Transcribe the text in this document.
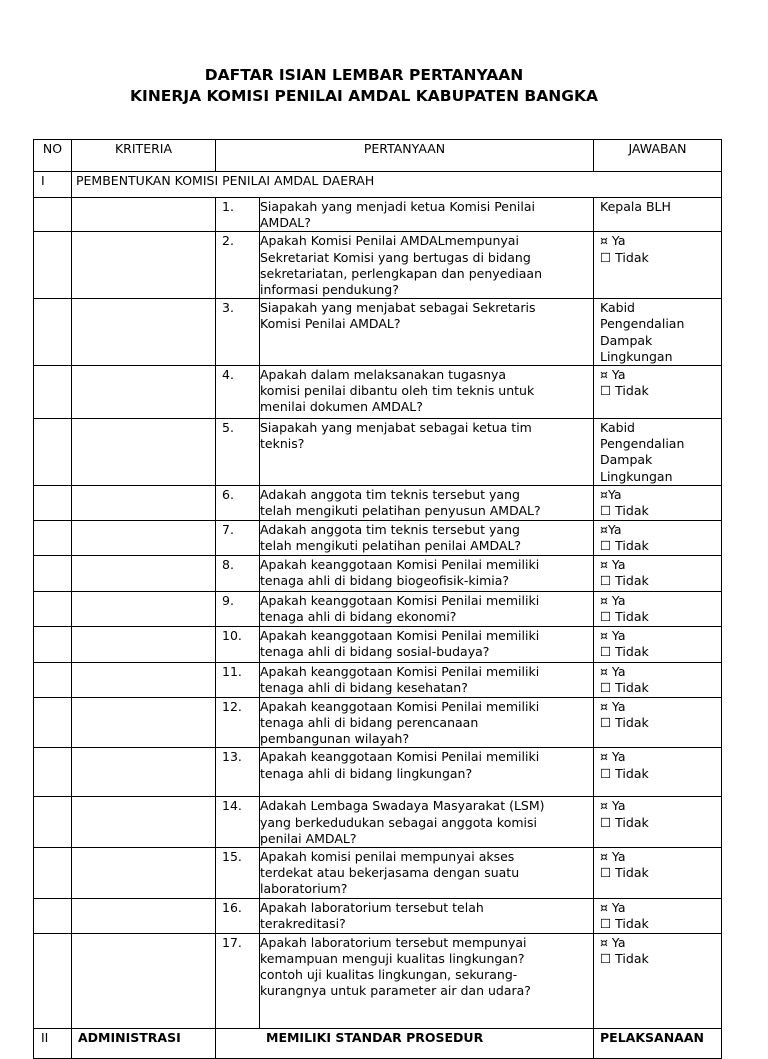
DAFTAR ISIAN LEMBAR PERTANYAAN
KINERJA KOMISI PENILAI AMDAL KABUPATEN BANGKA
NO	KRITERIA	PERTANYAAN		JAWABAN
I	PEMBENTUKAN KOMISI PENILAI AMDAL DAERAH			
		1.	Siapakah yang menjadi ketua Komisi Penilai
AMDAL?	Kepala BLH
		2.	Apakah Komisi Penilai AMDALmempunyai
Sekretariat Komisi yang bertugas di bidang
sekretariatan, perlengkapan dan penyediaan
informasi pendukung?	¤ Ya
☐ Tidak
		3.	Siapakah yang menjabat sebagai Sekretaris
Komisi Penilai AMDAL?	Kabid
Pengendalian
Dampak
Lingkungan
		4.	Apakah dalam melaksanakan tugasnya
komisi penilai dibantu oleh tim teknis untuk
menilai dokumen AMDAL?	¤ Ya
☐ Tidak
		5.	Siapakah yang menjabat sebagai ketua tim
teknis?	Kabid
Pengendalian
Dampak
Lingkungan
		6.	Adakah anggota tim teknis tersebut yang
telah mengikuti pelatihan penyusun AMDAL?	¤Ya
☐ Tidak
		7.	Adakah anggota tim teknis tersebut yang
telah mengikuti pelatihan penilai AMDAL?	¤Ya
☐ Tidak
		8.	Apakah keanggotaan Komisi Penilai memiliki
tenaga ahli di bidang biogeofisik-kimia?	¤ Ya
☐ Tidak
		9.	Apakah keanggotaan Komisi Penilai memiliki
tenaga ahli di bidang ekonomi?	¤ Ya
☐ Tidak
		10.	Apakah keanggotaan Komisi Penilai memiliki
tenaga ahli di bidang sosial-budaya?	¤ Ya
☐ Tidak
		11.	Apakah keanggotaan Komisi Penilai memiliki
tenaga ahli di bidang kesehatan?	¤ Ya
☐ Tidak
		12.	Apakah keanggotaan Komisi Penilai memiliki
tenaga ahli di bidang perencanaan
pembangunan wilayah?	¤ Ya
☐ Tidak
		13.	Apakah keanggotaan Komisi Penilai memiliki
tenaga ahli di bidang lingkungan?	¤ Ya
☐ Tidak
		14.	Adakah Lembaga Swadaya Masyarakat (LSM)
yang berkedudukan sebagai anggota komisi
penilai AMDAL?	¤ Ya
☐ Tidak
		15.	Apakah komisi penilai mempunyai akses
terdekat atau bekerjasama dengan suatu
laboratorium?	¤ Ya
☐ Tidak
		16.	Apakah laboratorium tersebut telah
terakreditasi?	¤ Ya
☐ Tidak
		17.	Apakah laboratorium tersebut mempunyai
kemampuan menguji kualitas lingkungan?
contoh uji kualitas lingkungan, sekurang-
kurangnya untuk parameter air dan udara?	¤ Ya
☐ Tidak
II	ADMINISTRASI	MEMILIKI STANDAR PROSEDUR		PELAKSANAAN
